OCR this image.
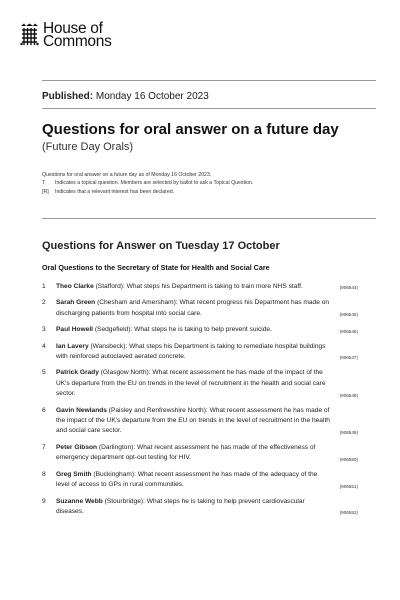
House of
Commons
Published: Monday 16 October 2023
Questions for oral answer on a future day

(Future Day Orals)

Questions for oral answer on a future day as of Monday 16 October 2023.
T	Indicates a topical question. Members are selected by ballot to ask a Topical Question.
[R]	Indicates that a relevant interest has been declared.
Questions for Answer on Tuesday 17 October
Oral Questions to the Secretary of State for Health and Social Care
1	Theo Clarke (Stafford): What steps his Department is taking to train more NHS staff.	(906544)
2	Sarah Green (Chesham and Amersham): What recent progress his Department has made on discharging patients from hospital into social care.	(906545)
3	Paul Howell (Sedgefield): What steps he is taking to help prevent suicide.	(906546)
4	Ian Lavery (Wansbeck): What steps his Department is taking to remediate hospital buildings with reinforced autoclaved aerated concrete.	(906547)
5	Patrick Grady (Glasgow North): What recent assessment he has made of the impact of the UK's departure from the EU on trends in the level of recruitment in the health and social care sector.	(906548)
6	Gavin Newlands (Paisley and Renfrewshire North): What recent assessment he has made of the impact of the UK's departure from the EU on trends in the level of recruitment in the health and social care sector.	(906549)
7	Peter Gibson (Darlington): What recent assessment he has made of the effectiveness of emergency department opt-out testing for HIV.	(906550)
8	Greg Smith (Buckingham): What recent assessment he has made of the adequacy of the level of access to GPs in rural communities.	(906551)
9	Suzanne Webb (Stourbridge): What steps he is taking to help prevent cardiovascular diseases.	(906552)
